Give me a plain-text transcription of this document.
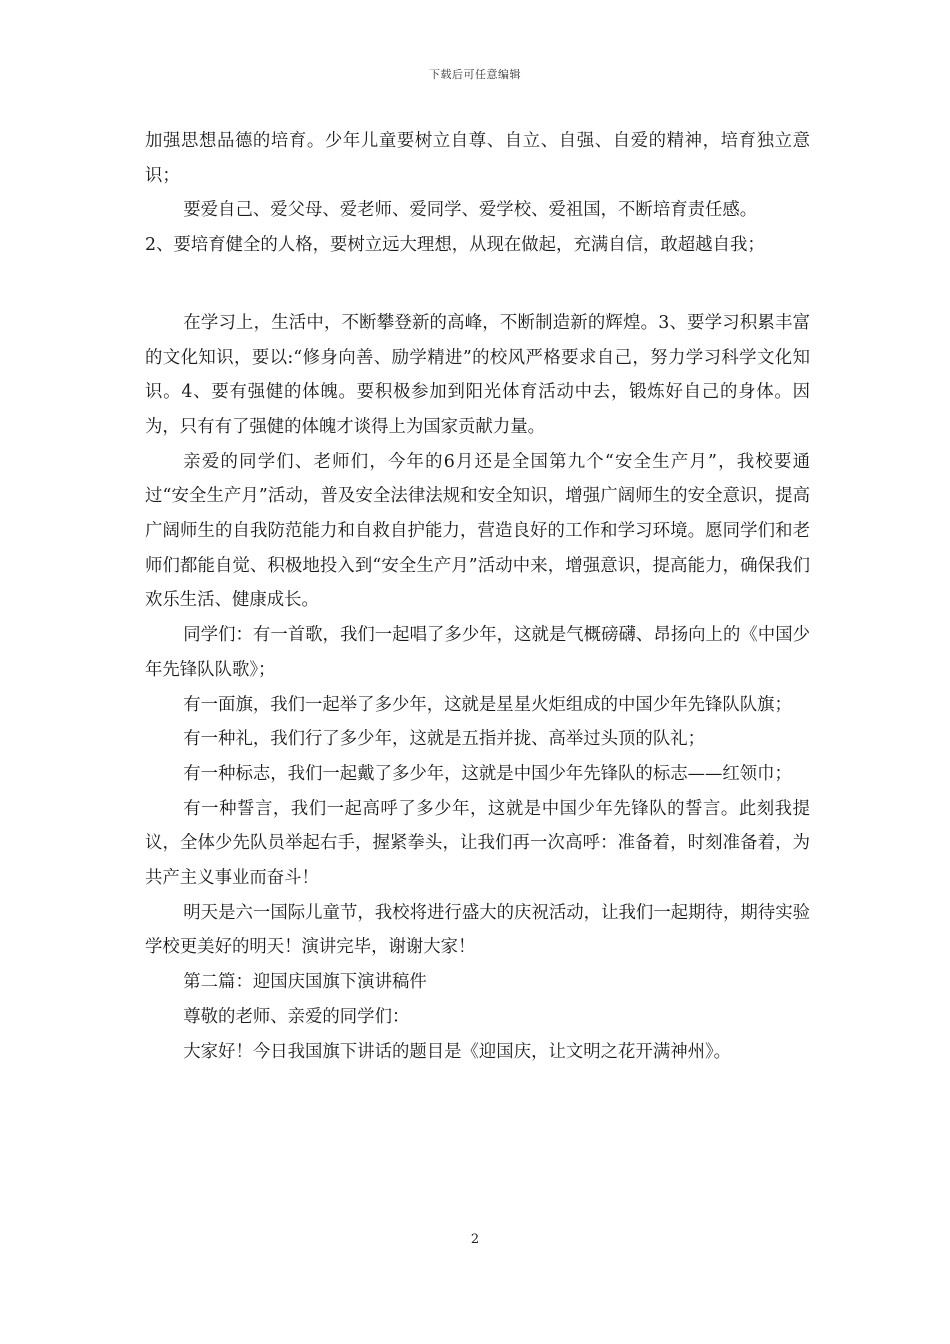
下载后可任意编辑

加强思想品德的培育。少年儿童要树立自尊、自立、自强、自爱的精神，培育独立意识；

要爱自己、爱父母、爱老师、爱同学、爱学校、爱祖国，不断培育责任感。

2、要培育健全的人格，要树立远大理想，从现在做起，充满自信，敢超越自我；

在学习上，生活中，不断攀登新的高峰，不断制造新的辉煌。3、要学习积累丰富的文化知识，要以:“修身向善、励学精进”的校风严格要求自己，努力学习科学文化知识。4、要有强健的体魄。要积极参加到阳光体育活动中去，锻炼好自己的身体。因为，只有有了强健的体魄才谈得上为国家贡献力量。

亲爱的同学们、老师们，今年的6月还是全国第九个“安全生产月”，我校要通过“安全生产月”活动，普及安全法律法规和安全知识，增强广阔师生的安全意识，提高广阔师生的自我防范能力和自救自护能力，营造良好的工作和学习环境。愿同学们和老师们都能自觉、积极地投入到“安全生产月”活动中来，增强意识，提高能力，确保我们欢乐生活、健康成长。

同学们：有一首歌，我们一起唱了多少年，这就是气概磅礴、昂扬向上的《中国少年先锋队队歌》；

有一面旗，我们一起举了多少年，这就是星星火炬组成的中国少年先锋队队旗；

有一种礼，我们行了多少年，这就是五指并拢、高举过头顶的队礼；

有一种标志，我们一起戴了多少年，这就是中国少年先锋队的标志——红领巾；

有一种誓言，我们一起高呼了多少年，这就是中国少年先锋队的誓言。此刻我提议，全体少先队员举起右手，握紧拳头，让我们再一次高呼：准备着，时刻准备着，为共产主义事业而奋斗！

明天是六一国际儿童节，我校将进行盛大的庆祝活动，让我们一起期待，期待实验学校更美好的明天！演讲完毕，谢谢大家！

第二篇：迎国庆国旗下演讲稿件

尊敬的老师、亲爱的同学们：

大家好！今日我国旗下讲话的题目是《迎国庆，让文明之花开满神州》。

2
